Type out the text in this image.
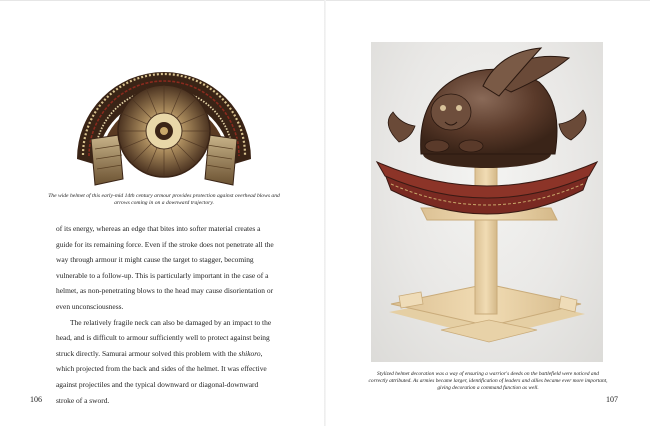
The wide helmet of this early-mid 14th century armour provides protection against overhead blows and arrows coming in on a downward trajectory.

of its energy, whereas an edge that bites into softer material creates a guide for its remaining force. Even if the stroke does not penetrate all the way through armour it might cause the target to stagger, becoming vulnerable to a follow-up. This is particularly important in the case of a helmet, as non-penetrating blows to the head may cause disorientation or even unconsciousness.

The relatively fragile neck can also be damaged by an impact to the head, and is difficult to armour sufficiently well to protect against being struck directly. Samurai armour solved this problem with the shikoro, which projected from the back and sides of the helmet. It was effective against projectiles and the typical downward or diagonal-downward stroke of a sword.

106
Stylized helmet decoration was a way of ensuring a warrior's deeds on the battlefield were noticed and correctly attributed. As armies became larger, identification of leaders and allies became ever more important, giving decoration a command function as well.
107
